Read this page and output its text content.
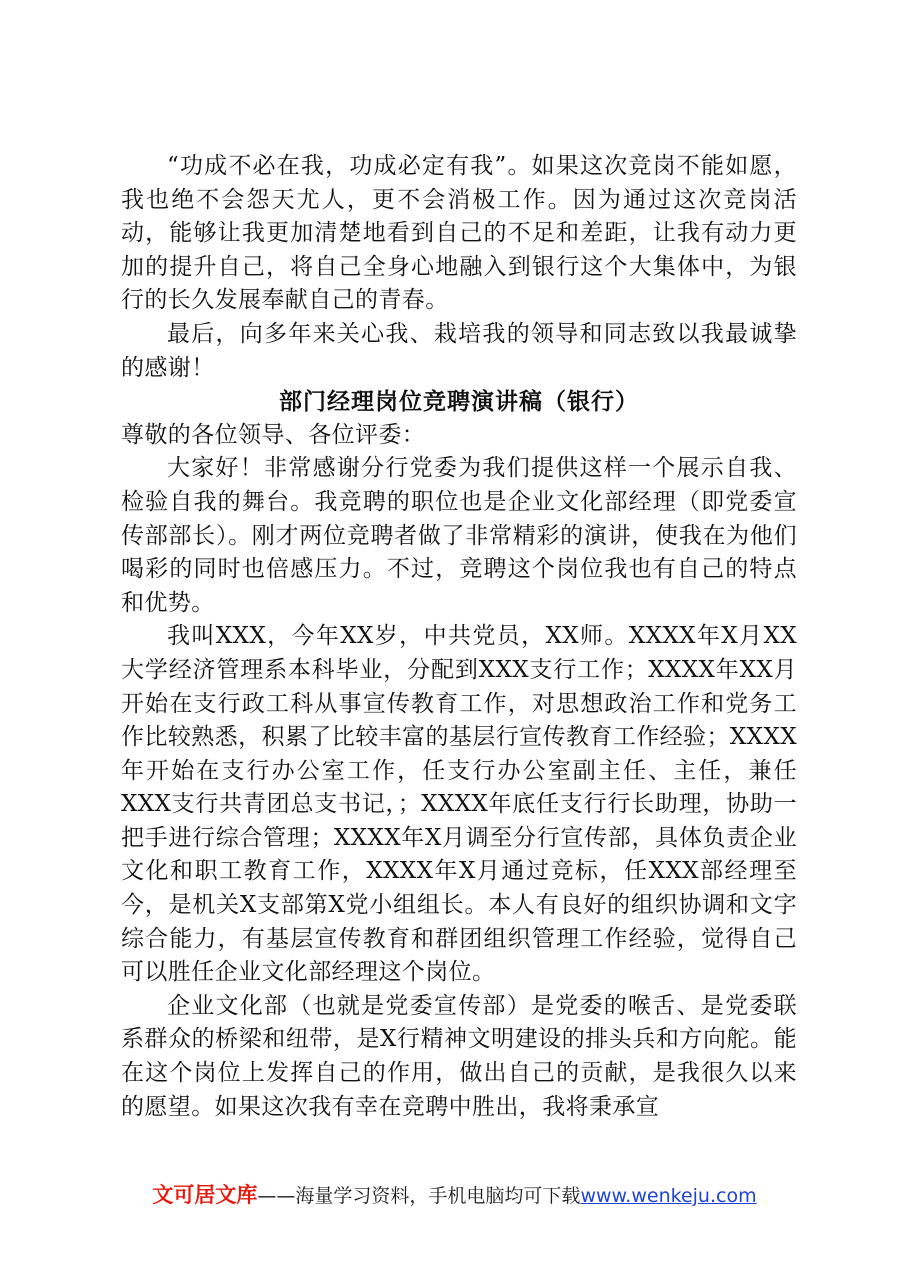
“功成不必在我，功成必定有我”。如果这次竞岗不能如愿，我也绝不会怨天尤人，更不会消极工作。因为通过这次竞岗活动，能够让我更加清楚地看到自己的不足和差距，让我有动力更加的提升自己，将自己全身心地融入到银行这个大集体中，为银行的长久发展奉献自己的青春。

最后，向多年来关心我、栽培我的领导和同志致以我最诚挚的感谢！

部门经理岗位竞聘演讲稿（银行）

尊敬的各位领导、各位评委：

大家好！非常感谢分行党委为我们提供这样一个展示自我、检验自我的舞台。我竞聘的职位也是企业文化部经理（即党委宣传部部长）。刚才两位竞聘者做了非常精彩的演讲，使我在为他们喝彩的同时也倍感压力。不过，竞聘这个岗位我也有自己的特点和优势。

我叫XXX，今年XX岁，中共党员，XX师。XXXX年X月XX大学经济管理系本科毕业，分配到XXX支行工作；XXXX年XX月开始在支行政工科从事宣传教育工作，对思想政治工作和党务工作比较熟悉，积累了比较丰富的基层行宣传教育工作经验；XXXX年开始在支行办公室工作，任支行办公室副主任、主任，兼任XXX支行共青团总支书记，；XXXX年底任支行行长助理，协助一把手进行综合管理；XXXX年X月调至分行宣传部，具体负责企业文化和职工教育工作，XXXX年X月通过竞标，任XXX部经理至今，是机关X支部第X党小组组长。本人有良好的组织协调和文字综合能力，有基层宣传教育和群团组织管理工作经验，觉得自己可以胜任企业文化部经理这个岗位。

企业文化部（也就是党委宣传部）是党委的喉舌、是党委联系群众的桥梁和纽带，是X行精神文明建设的排头兵和方向舵。能在这个岗位上发挥自己的作用，做出自己的贡献，是我很久以来的愿望。如果这次我有幸在竞聘中胜出，我将秉承宣

文可居文库——海量学习资料，手机电脑均可下载www.wenkeju.com
